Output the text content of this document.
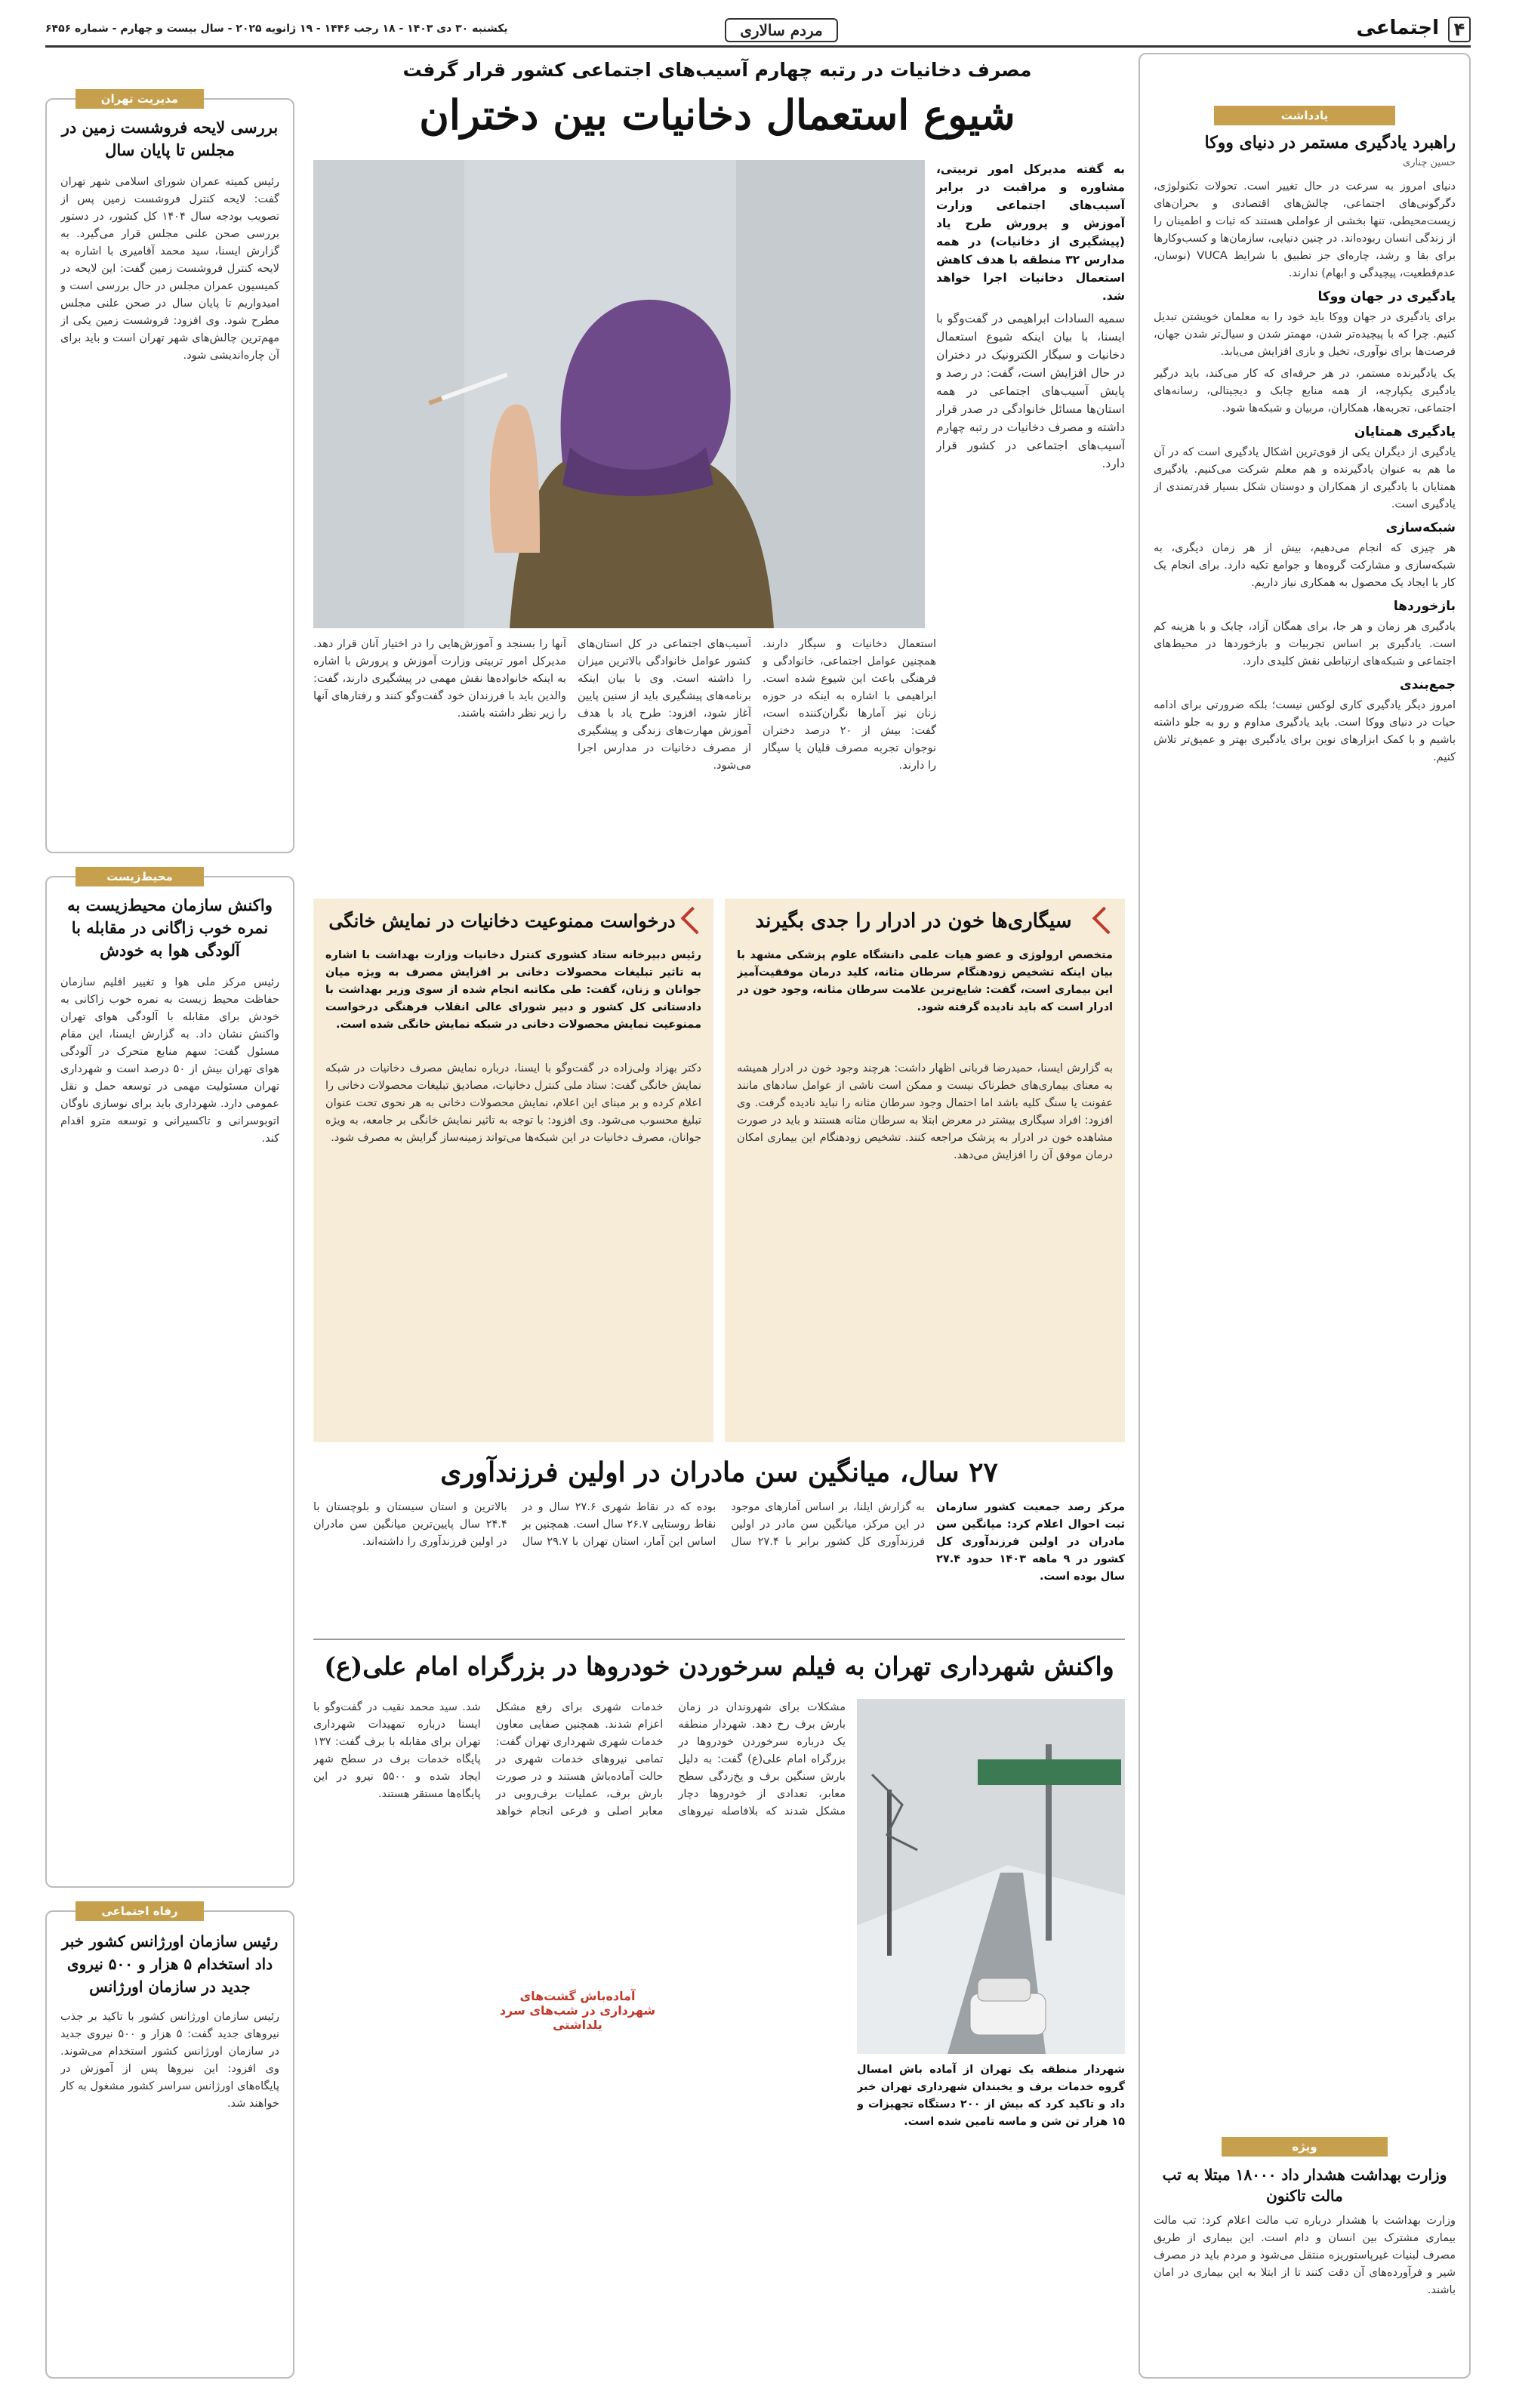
۴
اجتماعی
مردم سالاری
یکشنبه ۳۰ دی ۱۴۰۳ - ۱۸ رجب ۱۴۴۶ - ۱۹ ژانویه ۲۰۲۵ - سال بیست و چهارم - شماره ۶۴۵۶
یادداشت
راهبرد یادگیری مستمر در دنیای ووکا
حسین چناری

دنیای امروز به سرعت در حال تغییر است. تحولات تکنولوژی، دگرگونی‌های اجتماعی، چالش‌های اقتصادی و بحران‌های زیست‌محیطی، تنها بخشی از عواملی هستند که ثبات و اطمینان را از زندگی انسان ربوده‌اند. در چنین دنیایی، سازمان‌ها و کسب‌وکارها برای بقا و رشد، چاره‌ای جز تطبیق با شرایط VUCA (نوسان، عدم‌قطعیت، پیچیدگی و ابهام) ندارند.

یادگیری در جهان ووکا

برای یادگیری در جهان ووکا باید خود را به معلمان خویشتن تبدیل کنیم. چرا که با پیچیده‌تر شدن، مهمتر شدن و سیال‌تر شدن جهان، فرصت‌ها برای نوآوری، تخیل و بازی افزایش می‌یابد.

یک یادگیرنده مستمر، در هر حرفه‌ای که کار می‌کند، باید درگیر یادگیری یکپارچه، از همه منابع چابک و دیجیتالی، رسانه‌های اجتماعی، تجربه‌ها، همکاران، مربیان و شبکه‌ها شود.

یادگیری همتایان

یادگیری از دیگران یکی از قوی‌ترین اشکال یادگیری است که در آن ما هم به عنوان یادگیرنده و هم معلم شرکت می‌کنیم. یادگیری همتایان با یادگیری از همکاران و دوستان شکل بسیار قدرتمندی از یادگیری است.

شبکه‌سازی

هر چیزی که انجام می‌دهیم، بیش از هر زمان دیگری، به شبکه‌سازی و مشارکت گروه‌ها و جوامع تکیه دارد. برای انجام یک کار یا ایجاد یک محصول به همکاری نیاز داریم.

بازخوردها

یادگیری هر زمان و هر جا، برای همگان آزاد، چابک و با هزینه کم است. یادگیری بر اساس تجربیات و بازخوردها در محیط‌های اجتماعی و شبکه‌های ارتباطی نقش کلیدی دارد.

جمع‌بندی

امروز دیگر یادگیری کاری لوکس نیست؛ بلکه ضرورتی برای ادامه حیات در دنیای ووکا است. باید یادگیری مداوم و رو به جلو داشته باشیم و با کمک ابزارهای نوین برای یادگیری بهتر و عمیق‌تر تلاش کنیم.

ویژه
وزارت بهداشت هشدار داد ۱۸۰۰۰ مبتلا به تب مالت تاکنون
وزارت بهداشت با هشدار درباره تب مالت اعلام کرد: تب مالت بیماری مشترک بین انسان و دام است. این بیماری از طریق مصرف لبنیات غیرپاستوریزه منتقل می‌شود و مردم باید در مصرف شیر و فرآورده‌های آن دقت کنند تا از ابتلا به این بیماری در امان باشند.
مدیریت تهران
بررسی لایحه فروشست زمین در مجلس تا پایان سال
رئیس کمیته عمران شورای اسلامی شهر تهران گفت: لایحه کنترل فروشست زمین پس از تصویب بودجه سال ۱۴۰۴ کل کشور، در دستور بررسی صحن علنی مجلس قرار می‌گیرد. به گزارش ایسنا، سید محمد آقامیری با اشاره به لایحه کنترل فروشست زمین گفت: این لایحه در کمیسیون عمران مجلس در حال بررسی است و امیدواریم تا پایان سال در صحن علنی مجلس مطرح شود. وی افزود: فروشست زمین یکی از مهم‌ترین چالش‌های شهر تهران است و باید برای آن چاره‌اندیشی شود.
محیط‌زیست
واکنش سازمان محیط‌زیست به نمره خوب زاگانی در مقابله با آلودگی هوا به خودش
رئیس مرکز ملی هوا و تغییر اقلیم سازمان حفاظت محیط زیست به نمره خوب زاکانی به خودش برای مقابله با آلودگی هوای تهران واکنش نشان داد. به گزارش ایسنا، این مقام مسئول گفت: سهم منابع متحرک در آلودگی هوای تهران بیش از ۵۰ درصد است و شهرداری تهران مسئولیت مهمی در توسعه حمل و نقل عمومی دارد. شهرداری باید برای نوسازی ناوگان اتوبوسرانی و تاکسیرانی و توسعه مترو اقدام کند.
رفاه اجتماعی
رئیس سازمان اورژانس کشور خبر داد استخدام ۵ هزار و ۵۰۰ نیروی جدید در سازمان اورژانس
رئیس سازمان اورژانس کشور با تاکید بر جذب نیروهای جدید گفت: ۵ هزار و ۵۰۰ نیروی جدید در سازمان اورژانس کشور استخدام می‌شوند. وی افزود: این نیروها پس از آموزش در پایگاه‌های اورژانس سراسر کشور مشغول به کار خواهند شد.
مصرف دخانیات در رتبه چهارم آسیب‌های اجتماعی کشور قرار گرفت
شیوع استعمال دخانیات بین دختران

به گفته مدیرکل امور تربیتی، مشاوره و مراقبت در برابر آسیب‌های اجتماعی وزارت آموزش و پرورش طرح یاد (پیشگیری از دخانیات) در همه مدارس ۳۲ منطقه با هدف کاهش استعمال دخانیات اجرا خواهد شد.

سمیه السادات ابراهیمی در گفت‌وگو با ایسنا، با بیان اینکه شیوع استعمال دخانیات و سیگار الکترونیک در دختران در حال افزایش است، گفت: در رصد و پایش آسیب‌های اجتماعی در همه استان‌ها مسائل خانوادگی در صدر قرار داشته و مصرف دخانیات در رتبه چهارم آسیب‌های اجتماعی در کشور قرار دارد.

استعمال دخانیات و سیگار دارند. همچنین عوامل اجتماعی، خانوادگی و فرهنگی باعث این شیوع شده است. ابراهیمی با اشاره به اینکه در حوزه زنان نیز آمارها نگران‌کننده است، گفت: بیش از ۲۰ درصد دختران نوجوان تجربه مصرف قلیان یا سیگار را دارند.
آسیب‌های اجتماعی در کل استان‌های کشور عوامل خانوادگی بالاترین میزان را داشته است. وی با بیان اینکه برنامه‌های پیشگیری باید از سنین پایین آغاز شود، افزود: طرح یاد با هدف آموزش مهارت‌های زندگی و پیشگیری از مصرف دخانیات در مدارس اجرا می‌شود.
آنها را بسنجد و آموزش‌هایی را در اختیار آنان قرار دهد. مدیرکل امور تربیتی وزارت آموزش و پرورش با اشاره به اینکه خانواده‌ها نقش مهمی در پیشگیری دارند، گفت: والدین باید با فرزندان خود گفت‌وگو کنند و رفتارهای آنها را زیر نظر داشته باشند.
سیگاری‌ها خون در ادرار را جدی بگیرند
متخصص ارولوژی و عضو هیات علمی دانشگاه علوم پزشکی مشهد با بیان اینکه تشخیص زودهنگام سرطان مثانه، کلید درمان موفقیت‌آمیز این بیماری است، گفت: شایع‌ترین علامت سرطان مثانه، وجود خون در ادرار است که باید نادیده گرفته شود.
به گزارش ایسنا، حمیدرضا قربانی اظهار داشت: هرچند وجود خون در ادرار همیشه به معنای بیماری‌های خطرناک نیست و ممکن است ناشی از عوامل سادهای مانند عفونت یا سنگ کلیه باشد اما احتمال وجود سرطان مثانه را نباید نادیده گرفت. وی افزود: افراد سیگاری بیشتر در معرض ابتلا به سرطان مثانه هستند و باید در صورت مشاهده خون در ادرار به پزشک مراجعه کنند. تشخیص زودهنگام این بیماری امکان درمان موفق آن را افزایش می‌دهد.
درخواست ممنوعیت دخانیات در نمایش خانگی
رئیس دبیرخانه ستاد کشوری کنترل دخانیات وزارت بهداشت با اشاره به تاثیر تبلیغات محصولات دخانی بر افزایش مصرف به ویژه میان جوانان و زنان، گفت: طی مکاتبه انجام شده از سوی وزیر بهداشت با دادستانی کل کشور و دبیر شورای عالی انقلاب فرهنگی درخواست ممنوعیت نمایش محصولات دخانی در شبکه نمایش خانگی شده است.
دکتر بهزاد ولی‌زاده در گفت‌وگو با ایسنا، درباره نمایش مصرف دخانیات در شبکه نمایش خانگی گفت: ستاد ملی کنترل دخانیات، مصادیق تبلیغات محصولات دخانی را اعلام کرده و بر مبنای این اعلام، نمایش محصولات دخانی به هر نحوی تحت عنوان تبلیغ محسوب می‌شود. وی افزود: با توجه به تاثیر نمایش خانگی بر جامعه، به ویژه جوانان، مصرف دخانیات در این شبکه‌ها می‌تواند زمینه‌ساز گرایش به مصرف شود.
۲۷ سال، میانگین سن مادران در اولین فرزندآوری
مرکز رصد جمعیت کشور سازمان ثبت احوال اعلام کرد: میانگین سن مادران در اولین فرزندآوری کل کشور در ۹ ماهه ۱۴۰۳ حدود ۲۷.۴ سال بوده است.
به گزارش ایلنا، بر اساس آمارهای موجود در این مرکز، میانگین سن مادر در اولین فرزندآوری کل کشور برابر با ۲۷.۴ سال بوده که در نقاط شهری ۲۷.۶ سال و در نقاط روستایی ۲۶.۷ سال است. همچنین بر اساس این آمار، استان تهران با ۲۹.۷ سال بالاترین و استان سیستان و بلوچستان با ۲۴.۴ سال پایین‌ترین میانگین سن مادران در اولین فرزندآوری را داشته‌اند.
واکنش شهرداری تهران به فیلم سرخوردن خودروها در بزرگراه امام علی(ع)
شهردار منطقه یک تهران از آماده باش امسال گروه خدمات برف و یخبندان شهرداری تهران خبر داد و تاکید کرد که بیش از ۲۰۰ دستگاه تجهیزات و ۱۵ هزار تن شن و ماسه تامین شده است.
مشکلات برای شهروندان در زمان بارش برف رخ دهد. شهردار منطقه یک درباره سرخوردن خودروها در بزرگراه امام علی(ع) گفت: به دلیل بارش سنگین برف و یخ‌زدگی سطح معابر، تعدادی از خودروها دچار مشکل شدند که بلافاصله نیروهای خدمات شهری برای رفع مشکل اعزام شدند. همچنین صفایی معاون خدمات شهری شهرداری تهران گفت: تمامی نیروهای خدمات شهری در حالت آماده‌باش هستند و در صورت بارش برف، عملیات برف‌روبی در معابر اصلی و فرعی انجام خواهد شد. سید محمد نقیب در گفت‌وگو با ایسنا درباره تمهیدات شهرداری تهران برای مقابله با برف گفت: ۱۳۷ پایگاه خدمات برف در سطح شهر ایجاد شده و ۵۵۰۰ نیرو در این پایگاه‌ها مستقر هستند.
آماده‌باش گشت‌های شهرداری در شب‌های سرد یلداشتی
